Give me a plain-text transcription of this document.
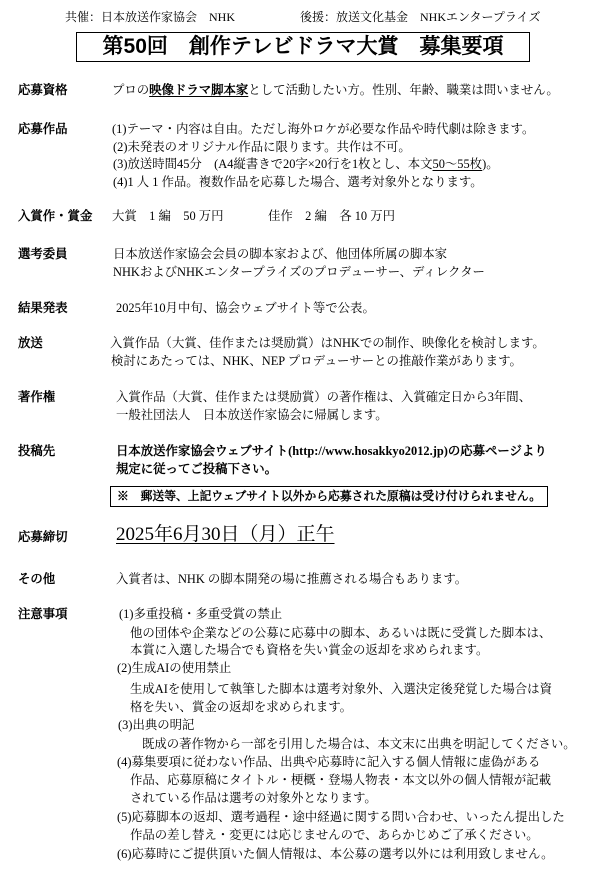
共催：日本放送作家協会　NHK	後援：放送文化基金　NHKエンタープライズ
第50回　創作テレビドラマ大賞　募集要項
応募資格	プロの映像ドラマ脚本家として活動したい方。性別、年齢、職業は問いません。
応募作品	(1)テーマ・内容は自由。ただし海外ロケが必要な作品や時代劇は除きます。
(2)未発表のオリジナル作品に限ります。共作は不可。
(3)放送時間45分　(A4縦書きで20字×20行を1枚とし、本文50～55枚)。
(4)1 人 1 作品。複数作品を応募した場合、選考対象外となります。
入賞作・賞金 大賞　1 編　50 万円	佳作　2 編　各 10 万円
選考委員	日本放送作家協会会員の脚本家および、他団体所属の脚本家
NHKおよびNHKエンタープライズのプロデューサー、ディレクター
結果発表	2025年10月中旬、協会ウェブサイト等で公表。
放送	入賞作品（大賞、佳作または奨励賞）はNHKでの制作、映像化を検討します。
検討にあたっては、NHK、NEP プロデューサーとの推敲作業があります。
著作権	入賞作品（大賞、佳作または奨励賞）の著作権は、入賞確定日から3年間、
一般社団法人　日本放送作家協会に帰属します。
投稿先	日本放送作家協会ウェブサイト(http://www.hosakkyo2012.jp)の応募ページより
規定に従ってご投稿下さい。
※　郵送等、上記ウェブサイト以外から応募された原稿は受け付けられません。
応募締切	2025年6月30日（月）正午
その他	入賞者は、NHK の脚本開発の場に推薦される場合もあります。
注意事項	(1)多重投稿・多重受賞の禁止
他の団体や企業などの公募に応募中の脚本、あるいは既に受賞した脚本は、
本賞に入選した場合でも資格を失い賞金の返却を求められます。
(2)生成AIの使用禁止
生成AIを使用して執筆した脚本は選考対象外、入選決定後発覚した場合は資
格を失い、賞金の返却を求められます。
(3)出典の明記
既成の著作物から一部を引用した場合は、本文末に出典を明記してください。
(4)募集要項に従わない作品、出典や応募時に記入する個人情報に虚偽がある
作品、応募原稿にタイトル・梗概・登場人物表・本文以外の個人情報が記載
されている作品は選考の対象外となります。
(5)応募脚本の返却、選考過程・途中経過に関する問い合わせ、いったん提出した
作品の差し替え・変更には応じませんので、あらかじめご了承ください。
(6)応募時にご提供頂いた個人情報は、本公募の選考以外には利用致しません。
